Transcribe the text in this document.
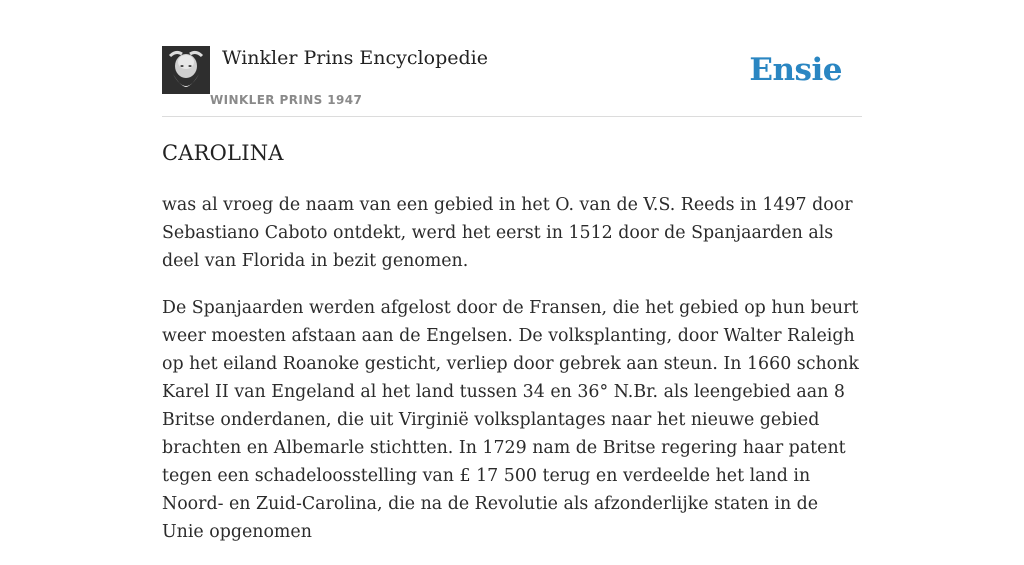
Winkler Prins Encyclopedie
WINKLER PRINS 1947
Ensie
CAROLINA

was al vroeg de naam van een gebied in het O. van de V.S. Reeds in 1497 door Sebastiano Caboto ontdekt, werd het eerst in 1512 door de Spanjaarden als deel van Florida in bezit genomen.

De Spanjaarden werden afgelost door de Fransen, die het gebied op hun beurt weer moesten afstaan aan de Engelsen. De volksplanting, door Walter Raleigh op het eiland Roanoke gesticht, verliep door gebrek aan steun. In 1660 schonk Karel II van Engeland al het land tussen 34 en 36° N.Br. als leengebied aan 8 Britse onderdanen, die uit Virginië volksplantages naar het nieuwe gebied brachten en Albemarle stichtten. In 1729 nam de Britse regering haar patent tegen een schadeloosstelling van £ 17 500 terug en verdeelde het land in Noord- en Zuid-Carolina, die na de Revolutie als afzonderlijke staten in de Unie opgenomen
